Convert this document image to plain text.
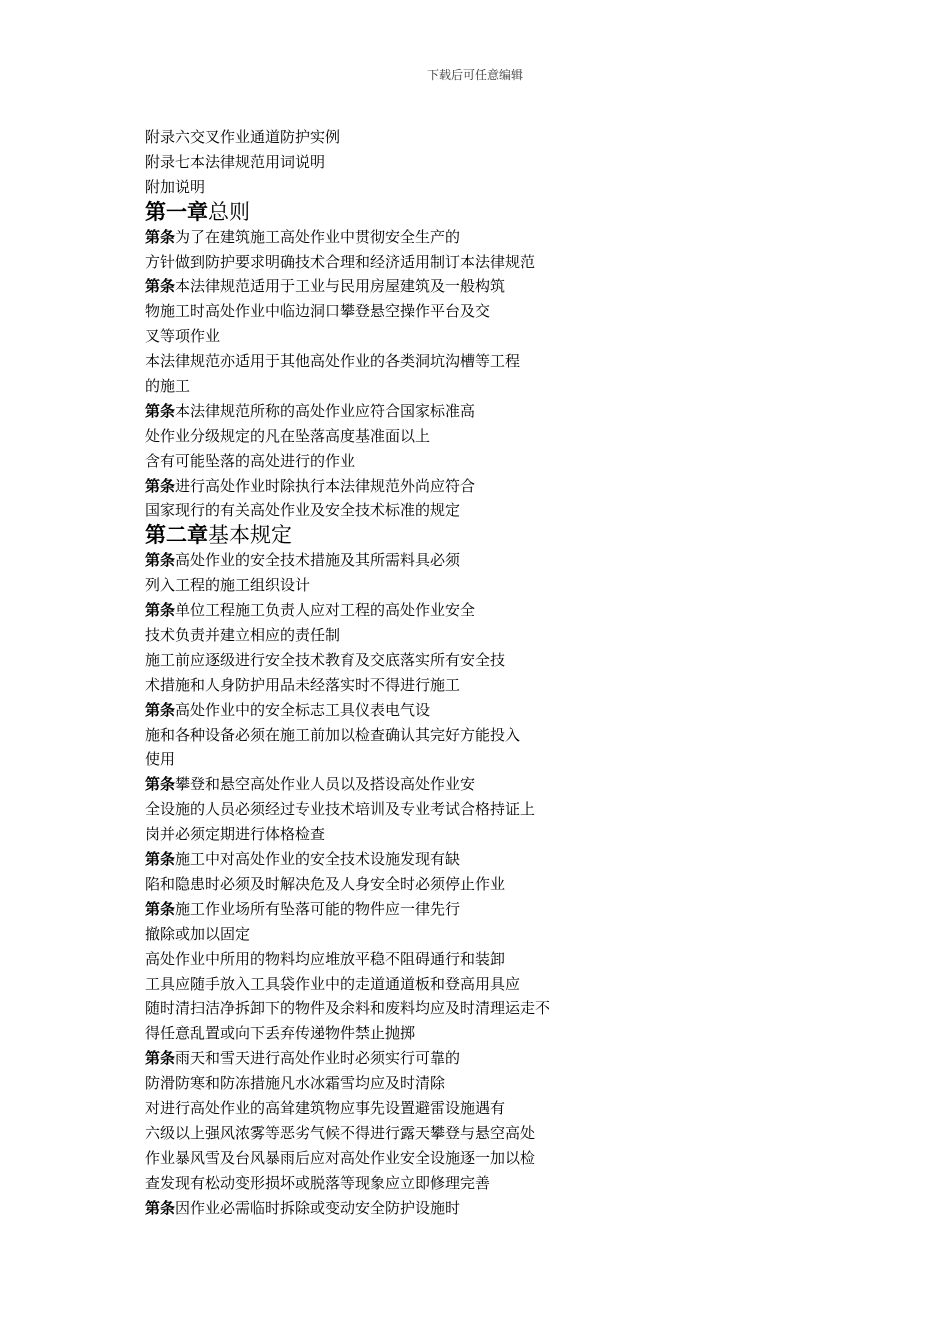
下载后可任意编辑
附录六交叉作业通道防护实例
附录七本法律规范用词说明
附加说明
第一章总则
第条为了在建筑施工高处作业中贯彻安全生产的
方针做到防护要求明确技术合理和经济适用制订本法律规范
第条本法律规范适用于工业与民用房屋建筑及一般构筑
物施工时高处作业中临边洞口攀登悬空操作平台及交
叉等项作业
本法律规范亦适用于其他高处作业的各类洞坑沟槽等工程
的施工
第条本法律规范所称的高处作业应符合国家标准高
处作业分级规定的凡在坠落高度基准面以上
含有可能坠落的高处进行的作业
第条进行高处作业时除执行本法律规范外尚应符合
国家现行的有关高处作业及安全技术标准的规定
第二章基本规定
第条高处作业的安全技术措施及其所需料具必须
列入工程的施工组织设计
第条单位工程施工负责人应对工程的高处作业安全
技术负责并建立相应的责任制
施工前应逐级进行安全技术教育及交底落实所有安全技
术措施和人身防护用品未经落实时不得进行施工
第条高处作业中的安全标志工具仪表电气设
施和各种设备必须在施工前加以检查确认其完好方能投入
使用
第条攀登和悬空高处作业人员以及搭设高处作业安
全设施的人员必须经过专业技术培训及专业考试合格持证上
岗并必须定期进行体格检查
第条施工中对高处作业的安全技术设施发现有缺
陷和隐患时必须及时解决危及人身安全时必须停止作业
第条施工作业场所有坠落可能的物件应一律先行
撤除或加以固定
高处作业中所用的物料均应堆放平稳不阻碍通行和装卸
工具应随手放入工具袋作业中的走道通道板和登高用具应
随时清扫洁净拆卸下的物件及余料和废料均应及时清理运走不
得任意乱置或向下丢弃传递物件禁止抛掷
第条雨天和雪天进行高处作业时必须实行可靠的
防滑防寒和防冻措施凡水冰霜雪均应及时清除
对进行高处作业的高耸建筑物应事先设置避雷设施遇有
六级以上强风浓雾等恶劣气候不得进行露天攀登与悬空高处
作业暴风雪及台风暴雨后应对高处作业安全设施逐一加以检
查发现有松动变形损坏或脱落等现象应立即修理完善
第条因作业必需临时拆除或变动安全防护设施时
